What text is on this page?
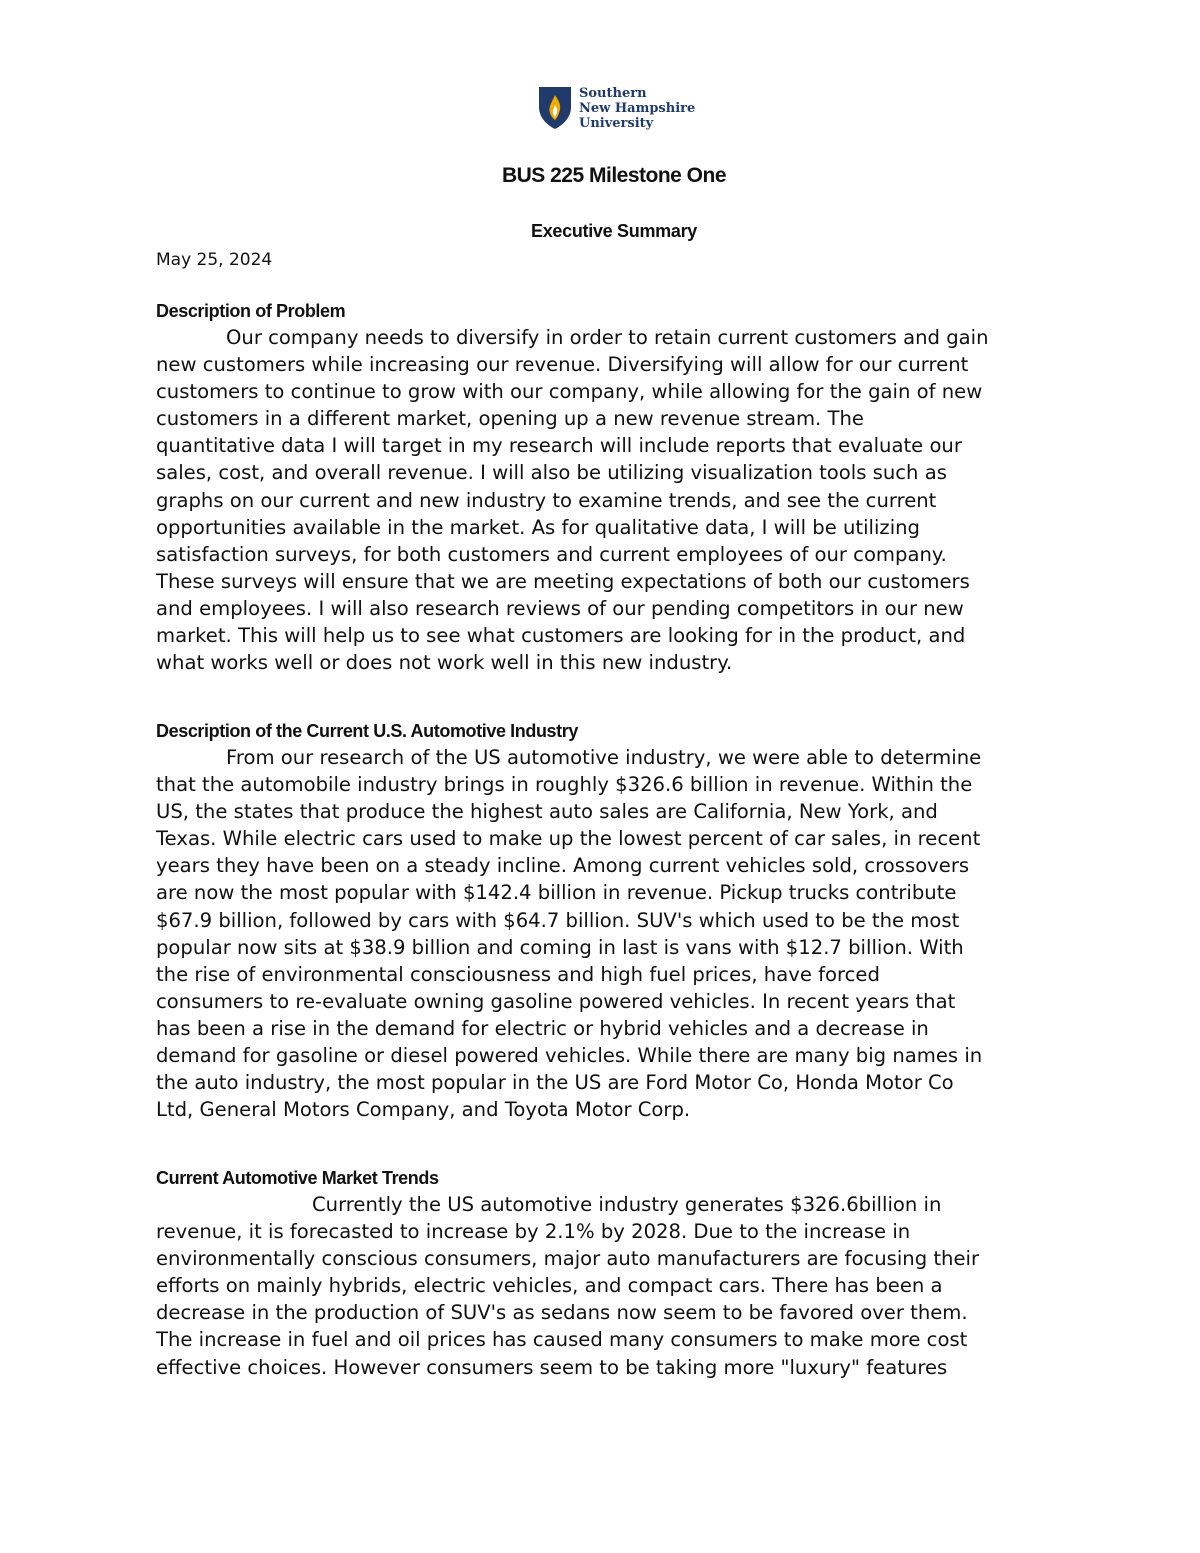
Southern
New Hampshire
University
BUS 225 Milestone One
Executive Summary
May 25, 2024
Description of Problem
Our company needs to diversify in order to retain current customers and gain
new customers while increasing our revenue. Diversifying will allow for our current
customers to continue to grow with our company, while allowing for the gain of new
customers in a different market, opening up a new revenue stream. The
quantitative data I will target in my research will include reports that evaluate our
sales, cost, and overall revenue. I will also be utilizing visualization tools such as
graphs on our current and new industry to examine trends, and see the current
opportunities available in the market. As for qualitative data, I will be utilizing
satisfaction surveys, for both customers and current employees of our company.
These surveys will ensure that we are meeting expectations of both our customers
and employees. I will also research reviews of our pending competitors in our new
market. This will help us to see what customers are looking for in the product, and
what works well or does not work well in this new industry.
Description of the Current U.S. Automotive Industry
From our research of the US automotive industry, we were able to determine
that the automobile industry brings in roughly $326.6 billion in revenue. Within the
US, the states that produce the highest auto sales are California, New York, and
Texas. While electric cars used to make up the lowest percent of car sales, in recent
years they have been on a steady incline. Among current vehicles sold, crossovers
are now the most popular with $142.4 billion in revenue. Pickup trucks contribute
$67.9 billion, followed by cars with $64.7 billion. SUV's which used to be the most
popular now sits at $38.9 billion and coming in last is vans with $12.7 billion. With
the rise of environmental consciousness and high fuel prices, have forced
consumers to re-evaluate owning gasoline powered vehicles. In recent years that
has been a rise in the demand for electric or hybrid vehicles and a decrease in
demand for gasoline or diesel powered vehicles. While there are many big names in
the auto industry, the most popular in the US are Ford Motor Co, Honda Motor Co
Ltd, General Motors Company, and Toyota Motor Corp.
Current Automotive Market Trends
Currently the US automotive industry generates $326.6billion in
revenue, it is forecasted to increase by 2.1% by 2028. Due to the increase in
environmentally conscious consumers, major auto manufacturers are focusing their
efforts on mainly hybrids, electric vehicles, and compact cars. There has been a
decrease in the production of SUV's as sedans now seem to be favored over them.
The increase in fuel and oil prices has caused many consumers to make more cost
effective choices. However consumers seem to be taking more "luxury" features
